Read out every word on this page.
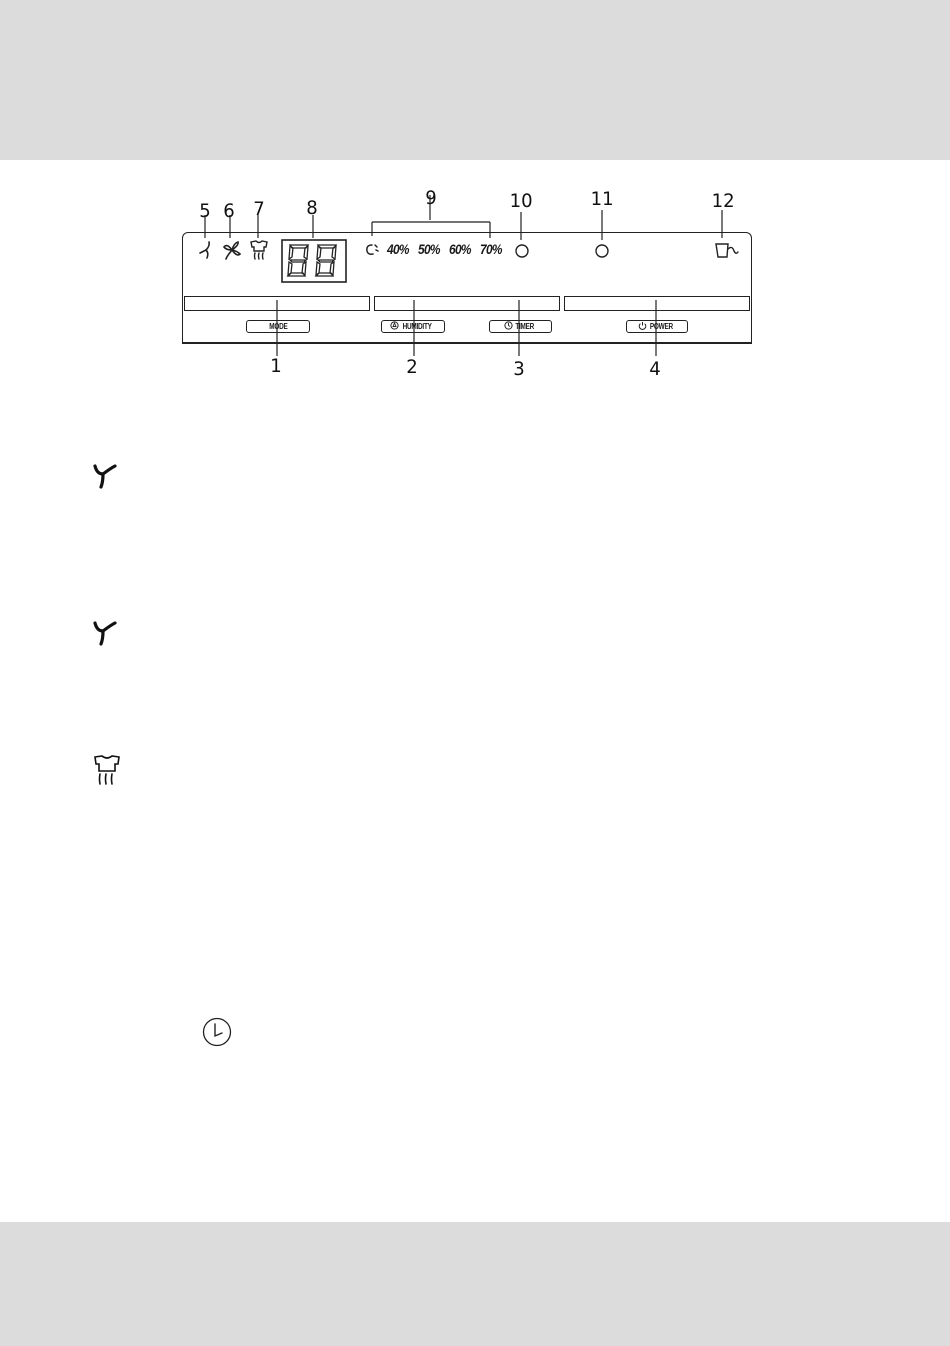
5 6 7 8	9	10	11	12
40% 50% 60% 70%
MODE	HUMIDITY	TIMER	POWER
1	2	3	4
